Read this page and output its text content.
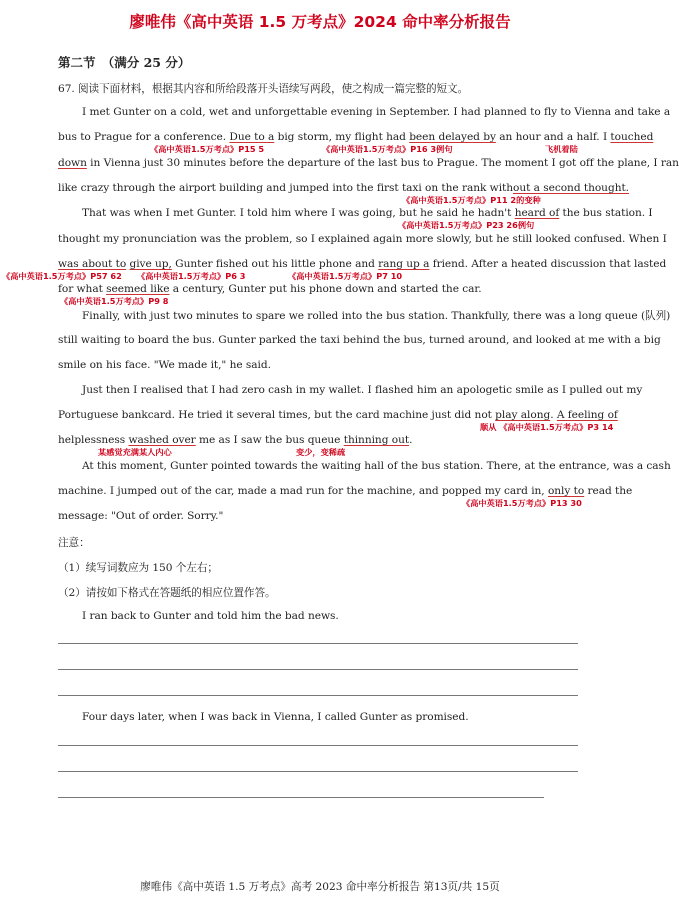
廖唯伟《高中英语 1.5 万考点》2024 命中率分析报告
第二节　（满分 25 分）
67. 阅读下面材料，根据其内容和所给段落开头语续写两段，使之构成一篇完整的短文。
I met Gunter on a cold, wet and unforgettable evening in September. I had planned to fly to Vienna and take a
bus to Prague for a conference. Due to a big storm, my flight had been delayed by an hour and a half. I touched
《高中英语1.5万考点》P15 5	《高中英语1.5万考点》P16 3例句	飞机着陆
down in Vienna just 30 minutes before the departure of the last bus to Prague. The moment I got off the plane, I ran
like crazy through the airport building and jumped into the first taxi on the rank without a second thought.
《高中英语1.5万考点》P11 2的变种
That was when I met Gunter. I told him where I was going, but he said he hadn't heard of the bus station. I
《高中英语1.5万考点》P23 26例句
thought my pronunciation was the problem, so I explained again more slowly, but he still looked confused. When I
was about to give up, Gunter fished out his little phone and rang up a friend. After a heated discussion that lasted
《高中英语1.5万考点》P57 62 《高中英语1.5万考点》P6 3	《高中英语1.5万考点》P7 10
for what seemed like a century, Gunter put his phone down and started the car.
《高中英语1.5万考点》P9 8
Finally, with just two minutes to spare we rolled into the bus station. Thankfully, there was a long queue (队列)
still waiting to board the bus. Gunter parked the taxi behind the bus, turned around, and looked at me with a big
smile on his face. "We made it," he said.
Just then I realised that I had zero cash in my wallet. I flashed him an apologetic smile as I pulled out my
Portuguese bankcard. He tried it several times, but the card machine just did not play along. A feeling of
顺从 《高中英语1.5万考点》P3 14
helplessness washed over me as I saw the bus queue thinning out.
某感觉充满某人内心	变少，变稀疏
At this moment, Gunter pointed towards the waiting hall of the bus station. There, at the entrance, was a cash
machine. I jumped out of the car, made a mad run for the machine, and popped my card in, only to read the
《高中英语1.5万考点》P13 30
message: "Out of order. Sorry."
注意：
（1）续写词数应为 150 个左右；
（2）请按如下格式在答题纸的相应位置作答。
I ran back to Gunter and told him the bad news.
Four days later, when I was back in Vienna, I called Gunter as promised.
廖唯伟《高中英语 1.5 万考点》高考 2023 命中率分析报告 第13页/共 15页
